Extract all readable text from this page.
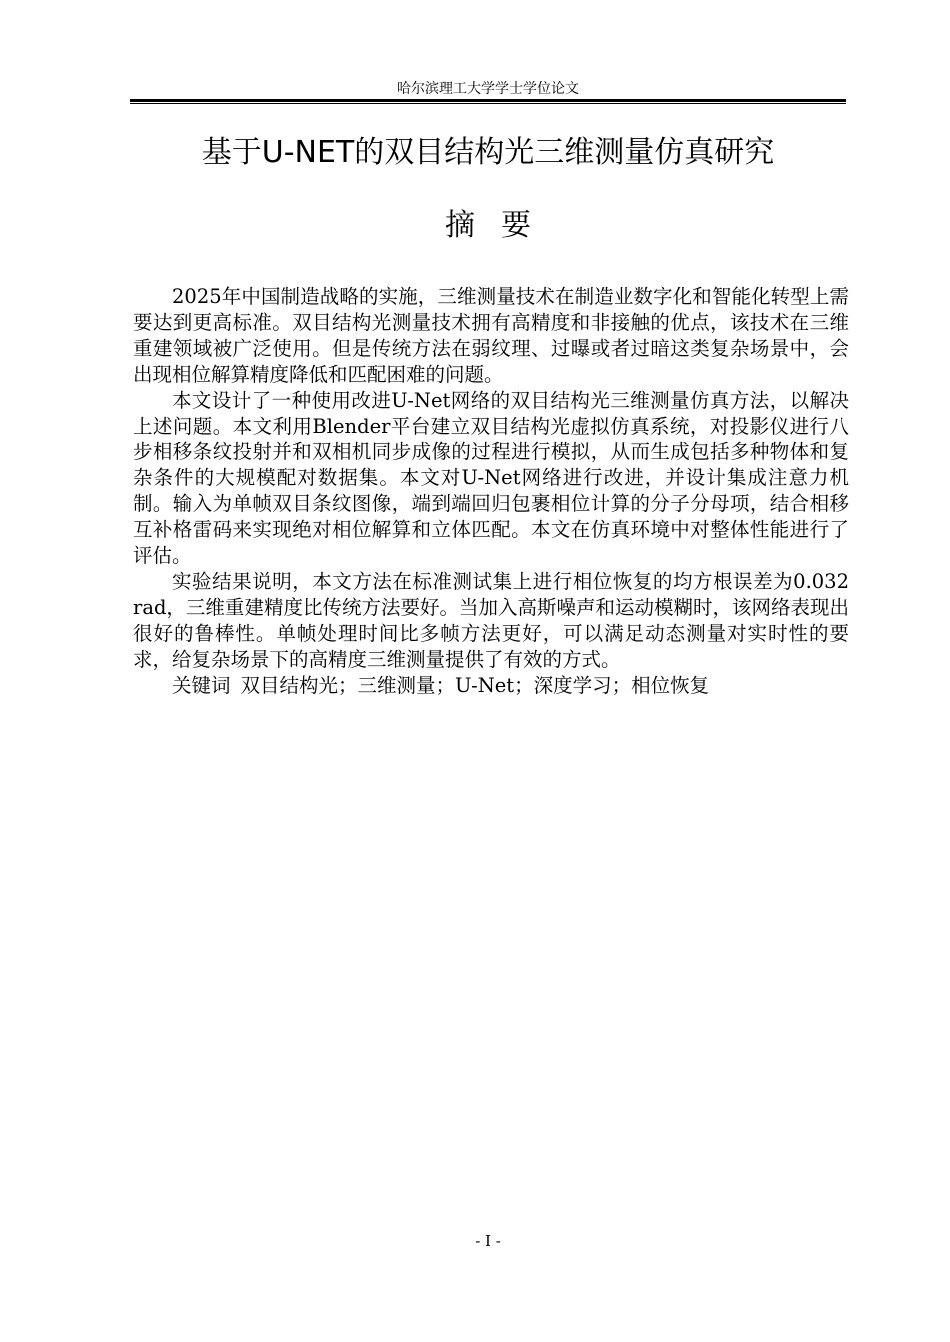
哈尔滨理工大学学士学位论文
基于U-NET的双目结构光三维测量仿真研究
摘要

2025年中国制造战略的实施，三维测量技术在制造业数字化和智能化转型上需要达到更高标准。双目结构光测量技术拥有高精度和非接触的优点，该技术在三维重建领域被广泛使用。但是传统方法在弱纹理、过曝或者过暗这类复杂场景中，会出现相位解算精度降低和匹配困难的问题。

本文设计了一种使用改进U-Net网络的双目结构光三维测量仿真方法，以解决上述问题。本文利用Blender平台建立双目结构光虚拟仿真系统，对投影仪进行八步相移条纹投射并和双相机同步成像的过程进行模拟，从而生成包括多种物体和复杂条件的大规模配对数据集。本文对U-Net网络进行改进，并设计集成注意力机制。输入为单帧双目条纹图像，端到端回归包裹相位计算的分子分母项，结合相移互补格雷码来实现绝对相位解算和立体匹配。本文在仿真环境中对整体性能进行了评估。

实验结果说明，本文方法在标准测试集上进行相位恢复的均方根误差为0.032 rad，三维重建精度比传统方法要好。当加入高斯噪声和运动模糊时，该网络表现出很好的鲁棒性。单帧处理时间比多帧方法更好，可以满足动态测量对实时性的要求，给复杂场景下的高精度三维测量提供了有效的方式。

关键词 双目结构光；三维测量；U-Net；深度学习；相位恢复

- I -
